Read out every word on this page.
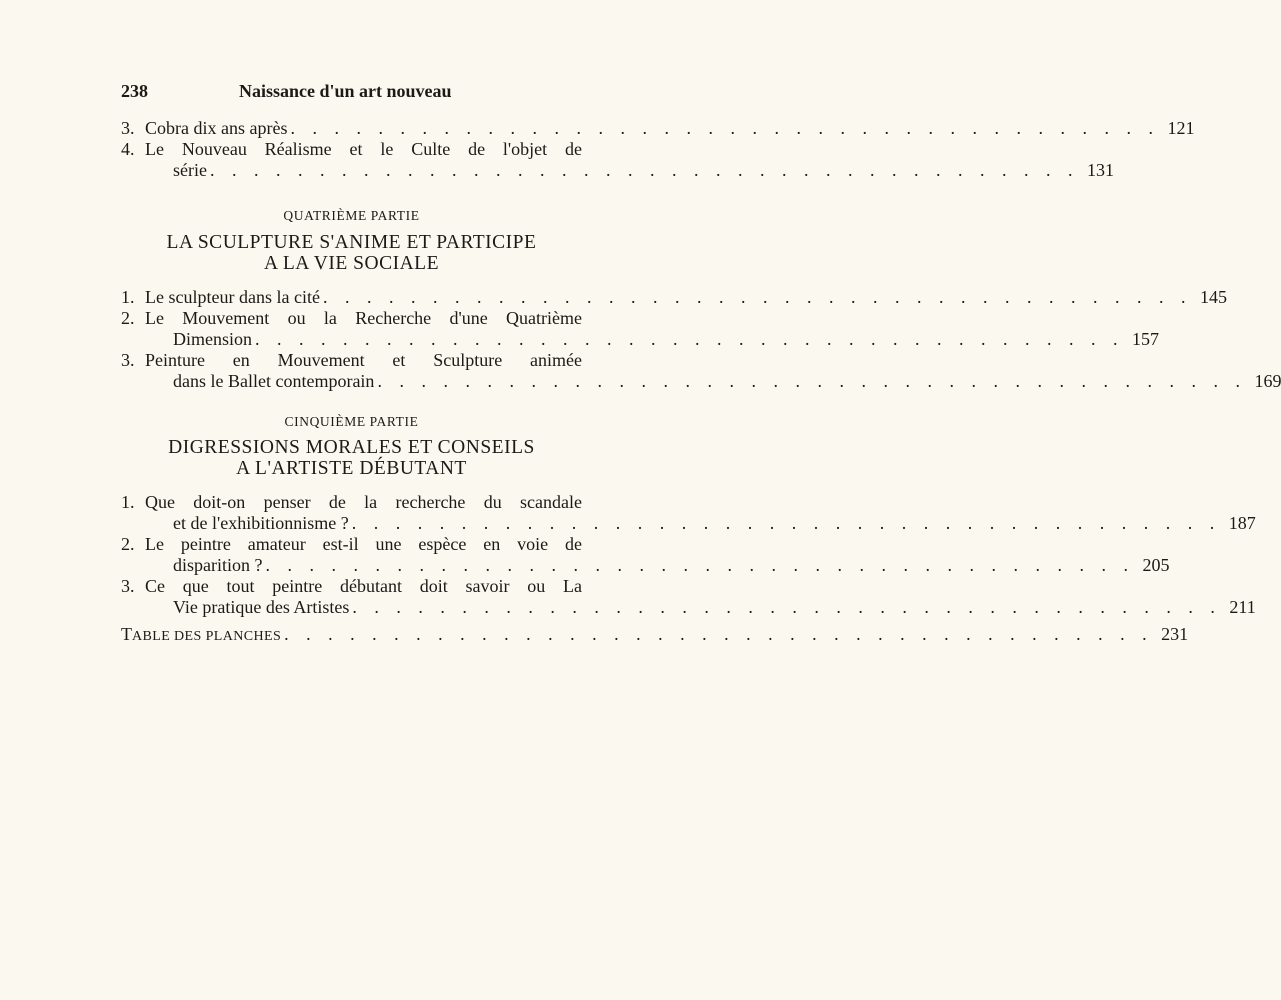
238	Naissance d'un art nouveau
3. Cobra dix ans après . . . . . . . . . . . . . . . . . . . . . . . . . . . . . . . . . . . . . . . . 121
4. Le Nouveau Réalisme et le Culte de l'objet de
série . . . . . . . . . . . . . . . . . . . . . . . . . . . . . . . . . . . . . . . . 131
QUATRIÈME PARTIE
LA SCULPTURE S'ANIME ET PARTICIPE
A LA VIE SOCIALE
1. Le sculpteur dans la cité . . . . . . . . . . . . . . . . . . . . . . . . . . . . . . . . . . . . . . . . 145
2. Le Mouvement ou la Recherche d'une Quatrième
Dimension . . . . . . . . . . . . . . . . . . . . . . . . . . . . . . . . . . . . . . . . 157
3. Peinture en Mouvement et Sculpture animée
dans le Ballet contemporain . . . . . . . . . . . . . . . . . . . . . . . . . . . . . . . . . . . . . . . . 169
CINQUIÈME PARTIE
DIGRESSIONS MORALES ET CONSEILS
A L'ARTISTE DÉBUTANT
1. Que doit-on penser de la recherche du scandale
et de l'exhibitionnisme ? . . . . . . . . . . . . . . . . . . . . . . . . . . . . . . . . . . . . . . . . 187
2. Le peintre amateur est-il une espèce en voie de
disparition ? . . . . . . . . . . . . . . . . . . . . . . . . . . . . . . . . . . . . . . . . 205
3. Ce que tout peintre débutant doit savoir ou La
Vie pratique des Artistes . . . . . . . . . . . . . . . . . . . . . . . . . . . . . . . . . . . . . . . . 211
TABLE DES PLANCHES . . . . . . . . . . . . . . . . . . . . . . . . . . . . . . . . . . . . . . . . 231
